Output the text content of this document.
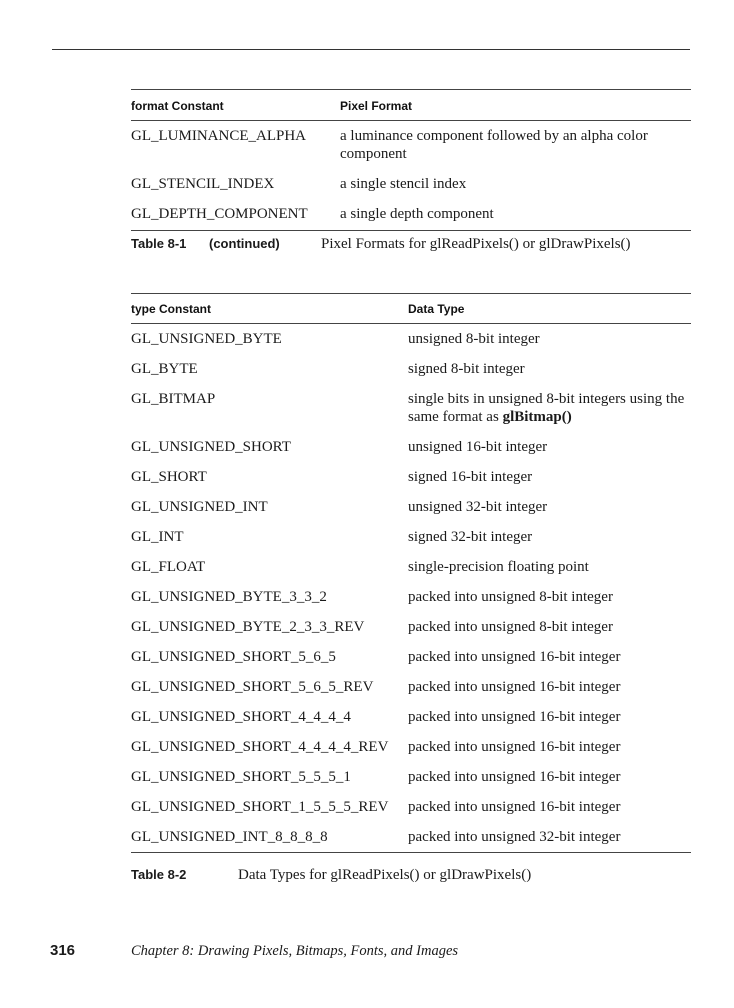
format Constant	Pixel Format
GL_LUMINANCE_ALPHA	a luminance component followed by an alpha color component
GL_STENCIL_INDEX	a single stencil index
GL_DEPTH_COMPONENT	a single depth component
Table 8-1 (continued)	Pixel Formats for glReadPixels() or glDrawPixels()
type Constant	Data Type
GL_UNSIGNED_BYTE	unsigned 8-bit integer
GL_BYTE	signed 8-bit integer
GL_BITMAP	single bits in unsigned 8-bit integers using the same format as glBitmap()
GL_UNSIGNED_SHORT	unsigned 16-bit integer
GL_SHORT	signed 16-bit integer
GL_UNSIGNED_INT	unsigned 32-bit integer
GL_INT	signed 32-bit integer
GL_FLOAT	single-precision floating point
GL_UNSIGNED_BYTE_3_3_2	packed into unsigned 8-bit integer
GL_UNSIGNED_BYTE_2_3_3_REV	packed into unsigned 8-bit integer
GL_UNSIGNED_SHORT_5_6_5	packed into unsigned 16-bit integer
GL_UNSIGNED_SHORT_5_6_5_REV	packed into unsigned 16-bit integer
GL_UNSIGNED_SHORT_4_4_4_4	packed into unsigned 16-bit integer
GL_UNSIGNED_SHORT_4_4_4_4_REV	packed into unsigned 16-bit integer
GL_UNSIGNED_SHORT_5_5_5_1	packed into unsigned 16-bit integer
GL_UNSIGNED_SHORT_1_5_5_5_REV	packed into unsigned 16-bit integer
GL_UNSIGNED_INT_8_8_8_8	packed into unsigned 32-bit integer
Table 8-2	Data Types for glReadPixels() or glDrawPixels()
316	Chapter 8: Drawing Pixels, Bitmaps, Fonts, and Images
